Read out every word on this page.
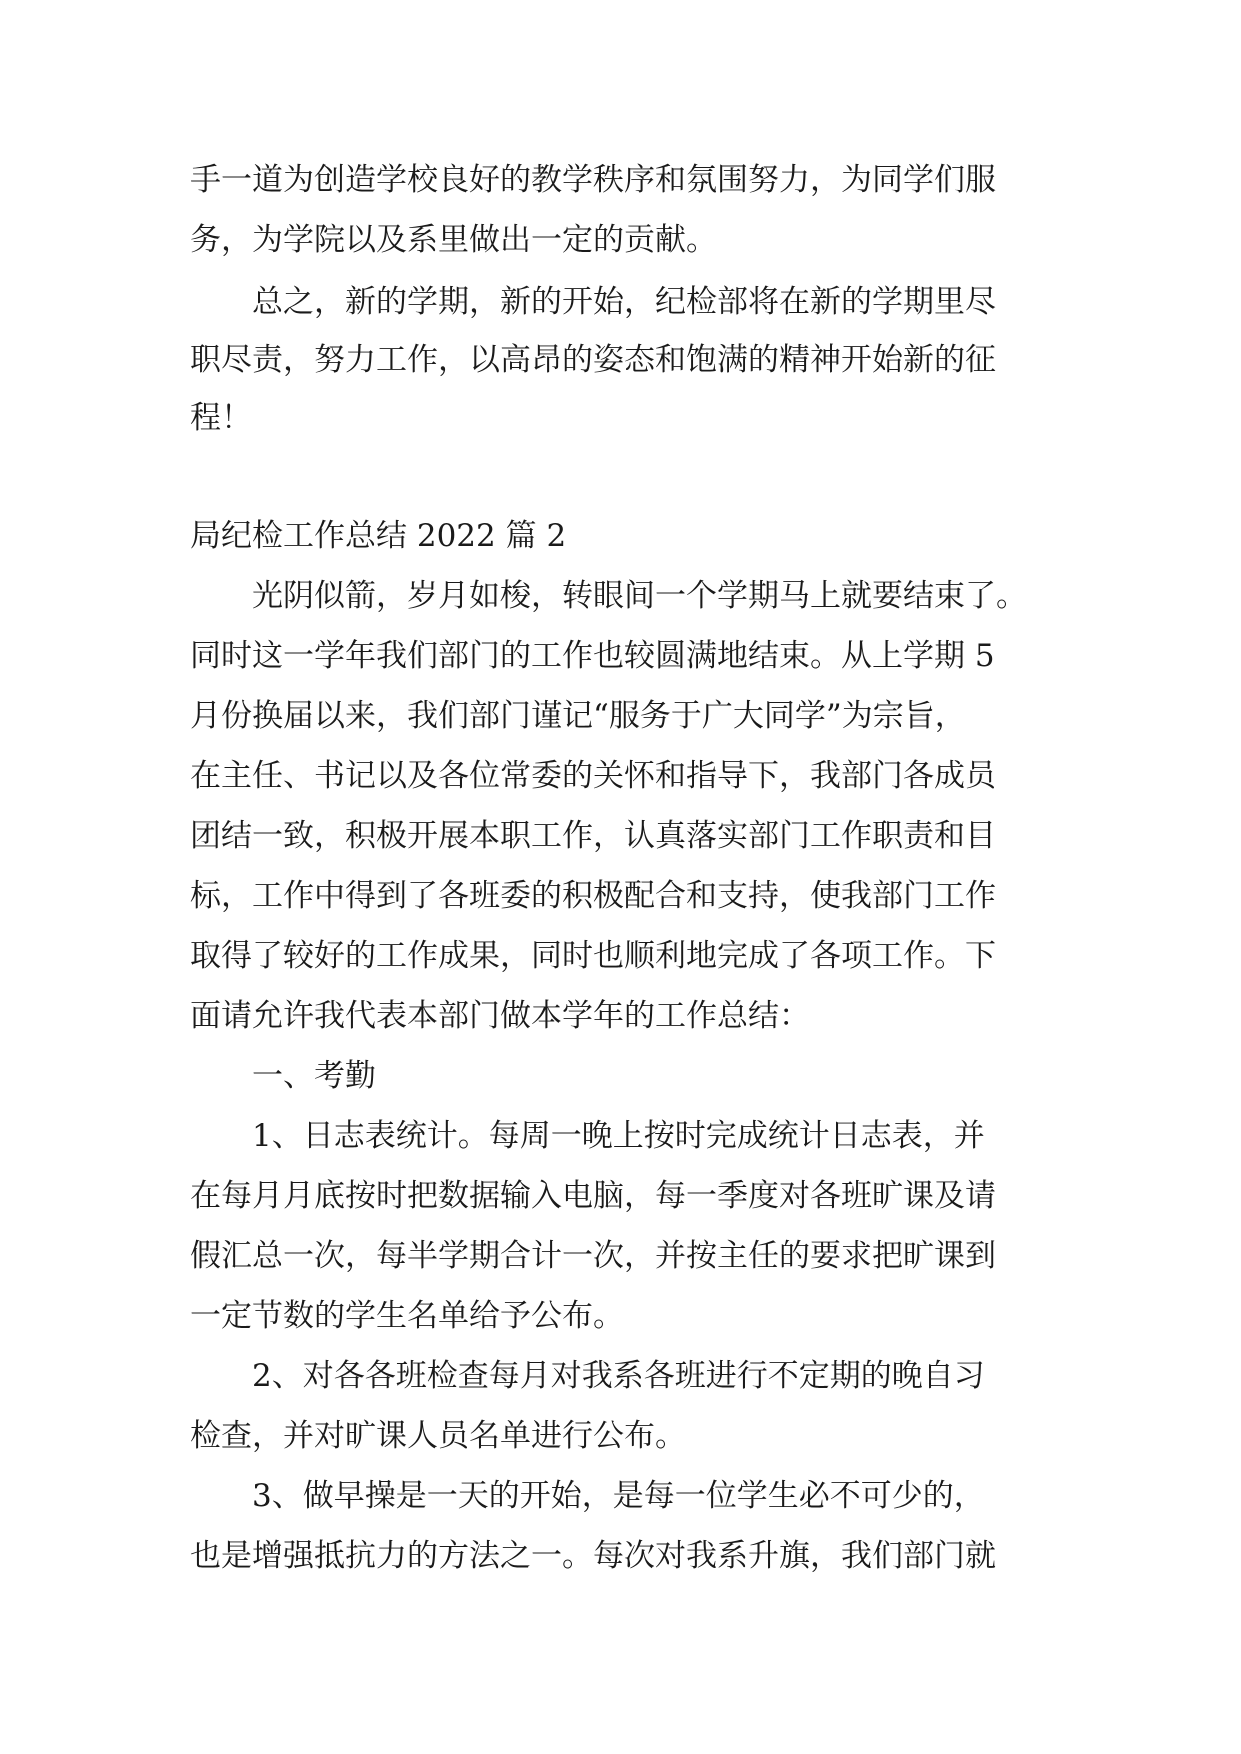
手一道为创造学校良好的教学秩序和氛围努力，为同学们服
务，为学院以及系里做出一定的贡献。
总之，新的学期，新的开始，纪检部将在新的学期里尽
职尽责，努力工作，以高昂的姿态和饱满的精神开始新的征
程！
局纪检工作总结 2022 篇 2
光阴似箭，岁月如梭，转眼间一个学期马上就要结束了。
同时这一学年我们部门的工作也较圆满地结束。从上学期 5
月份换届以来，我们部门谨记“服务于广大同学”为宗旨，
在主任、书记以及各位常委的关怀和指导下，我部门各成员
团结一致，积极开展本职工作，认真落实部门工作职责和目
标，工作中得到了各班委的积极配合和支持，使我部门工作
取得了较好的工作成果，同时也顺利地完成了各项工作。下
面请允许我代表本部门做本学年的工作总结：
一、考勤
1、日志表统计。每周一晚上按时完成统计日志表，并
在每月月底按时把数据输入电脑，每一季度对各班旷课及请
假汇总一次，每半学期合计一次，并按主任的要求把旷课到
一定节数的学生名单给予公布。
2、对各各班检查每月对我系各班进行不定期的晚自习
检查，并对旷课人员名单进行公布。
3、做早操是一天的开始，是每一位学生必不可少的，
也是增强抵抗力的方法之一。每次对我系升旗，我们部门就
